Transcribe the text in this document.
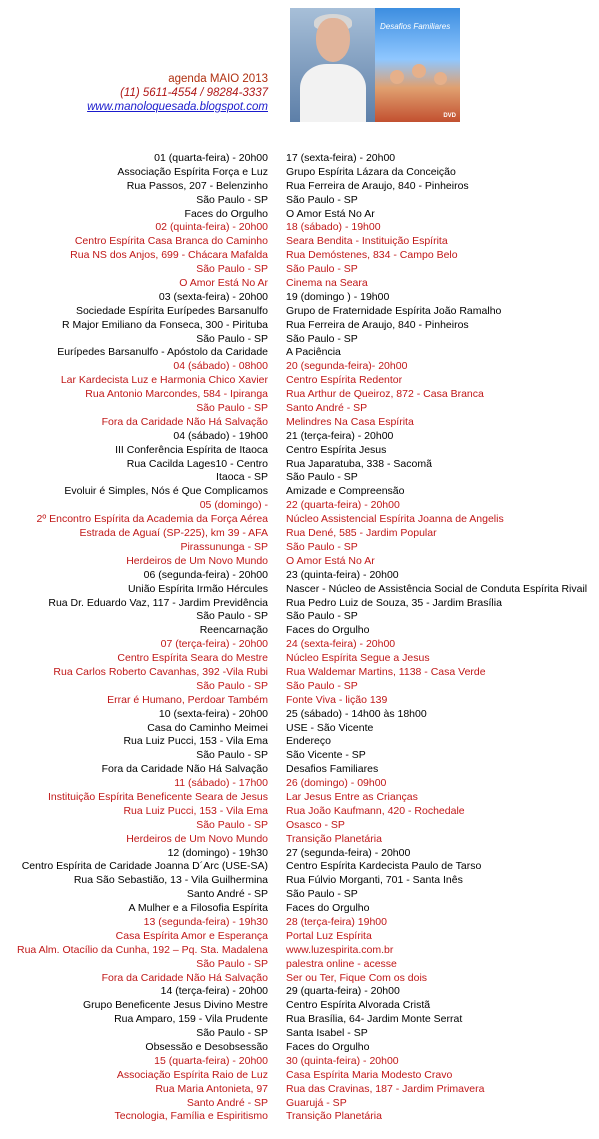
agenda MAIO 2013
(11) 5611-4554 / 98284-3337
www.manoloquesada.blogspot.com
Desafios Familiares
DVD
01 (quarta-feira) - 20h00
Associação Espírita Força e Luz
Rua Passos, 207 - Belenzinho
São Paulo - SP
Faces do Orgulho
02 (quinta-feira) - 20h00
Centro Espírita Casa Branca do Caminho
Rua NS dos Anjos, 699 - Chácara Mafalda
São Paulo - SP
O Amor Está No Ar
03 (sexta-feira) - 20h00
Sociedade Espírita Eurípedes Barsanulfo
R Major Emiliano da Fonseca, 300 - Pirituba
São Paulo - SP
Eurípedes Barsanulfo - Apóstolo da Caridade
04 (sábado) - 08h00
Lar Kardecista Luz e Harmonia Chico Xavier
Rua Antonio Marcondes, 584 - Ipiranga
São Paulo - SP
Fora da Caridade Não Há Salvação
04 (sábado) - 19h00
III Conferência Espírita de Itaoca
Rua Cacilda Lages10 - Centro
Itaoca - SP
Evoluir é Simples, Nós é Que Complicamos
05 (domingo) -
2º Encontro Espírita da Academia da Força Aérea
Estrada de Aguaí (SP-225), km 39 - AFA
Pirassununga - SP
Herdeiros de Um Novo Mundo
06 (segunda-feira) - 20h00
União Espírita Irmão Hércules
Rua Dr. Eduardo Vaz, 117 - Jardim Previdência
São Paulo - SP
Reencarnação
07 (terça-feira) - 20h00
Centro Espírita Seara do Mestre
Rua Carlos Roberto Cavanhas, 392 -Vila Rubi
São Paulo - SP
Errar é Humano, Perdoar Também
10 (sexta-feira) - 20h00
Casa do Caminho Meimei
Rua Luiz Pucci, 153 - Vila Ema
São Paulo - SP
Fora da Caridade Não Há Salvação
11 (sábado) - 17h00
Instituição Espírita Beneficente Seara de Jesus
Rua Luiz Pucci, 153 - Vila Ema
São Paulo - SP
Herdeiros de Um Novo Mundo
12 (domingo) - 19h30
Centro Espírita de Caridade Joanna D´Arc (USE-SA)
Rua São Sebastião, 13 - Vila Guilhermina
Santo André - SP
A Mulher e a Filosofia Espírita
13 (segunda-feira) - 19h30
Casa Espírita Amor e Esperança
Rua Alm. Otacílio da Cunha, 192 – Pq. Sta. Madalena
São Paulo - SP
Fora da Caridade Não Há Salvação
14 (terça-feira) - 20h00
Grupo Beneficente Jesus Divino Mestre
Rua Amparo, 159 - Vila Prudente
São Paulo - SP
Obsessão e Desobsessão
15 (quarta-feira) - 20h00
Associação Espírita Raio de Luz
Rua Maria Antonieta, 97
Santo André - SP
Tecnologia, Família e Espiritismo
17 (sexta-feira) - 20h00
Grupo Espírita Lázara da Conceição
Rua Ferreira de Araujo, 840 - Pinheiros
São Paulo - SP
O Amor Está No Ar
18 (sábado) - 19h00
Seara Bendita - Instituição Espírita
Rua Demóstenes, 834 - Campo Belo
São Paulo - SP
Cinema na Seara
19 (domingo ) - 19h00
Grupo de Fraternidade Espírita João Ramalho
Rua Ferreira de Araujo, 840 - Pinheiros
São Paulo - SP
A Paciência
20 (segunda-feira)- 20h00
Centro Espírita Redentor
Rua Arthur de Queiroz, 872 - Casa Branca
Santo André - SP
Melindres Na Casa Espírita
21 (terça-feira) - 20h00
Centro Espírita Jesus
Rua Japaratuba, 338 - Sacomã
São Paulo - SP
Amizade e Compreensão
22 (quarta-feira) - 20h00
Núcleo Assistencial Espírita Joanna de Angelis
Rua Dené, 585 - Jardim Popular
São Paulo - SP
O Amor Está No Ar
23 (quinta-feira) - 20h00
Nascer - Núcleo de Assistência Social de Conduta Espírita Rivail
Rua Pedro Luiz de Souza, 35 - Jardim Brasília
São Paulo - SP
Faces do Orgulho
24 (sexta-feira) - 20h00
Núcleo Espírita Segue a Jesus
Rua Waldemar Martins, 1138 - Casa Verde
São Paulo - SP
Fonte Viva - lição 139
25 (sábado) - 14h00 às 18h00
USE - São Vicente
Endereço
São Vicente - SP
Desafios Familiares
26 (domingo) - 09h00
Lar Jesus Entre as Crianças
Rua João Kaufmann, 420 - Rochedale
Osasco - SP
Transição Planetária
27 (segunda-feira) - 20h00
Centro Espírita Kardecista Paulo de Tarso
Rua Fúlvio Morganti, 701 - Santa Inês
São Paulo - SP
Faces do Orgulho
28 (terça-feira) 19h00
Portal Luz Espírita
www.luzespirita.com.br
palestra online - acesse
Ser ou Ter, Fique Com os dois
29 (quarta-feira) - 20h00
Centro Espírita Alvorada Cristã
Rua Brasília, 64- Jardim Monte Serrat
Santa Isabel - SP
Faces do Orgulho
30 (quinta-feira) - 20h00
Casa Espírita Maria Modesto Cravo
Rua das Cravinas, 187 - Jardim Primavera
Guarujá - SP
Transição Planetária
